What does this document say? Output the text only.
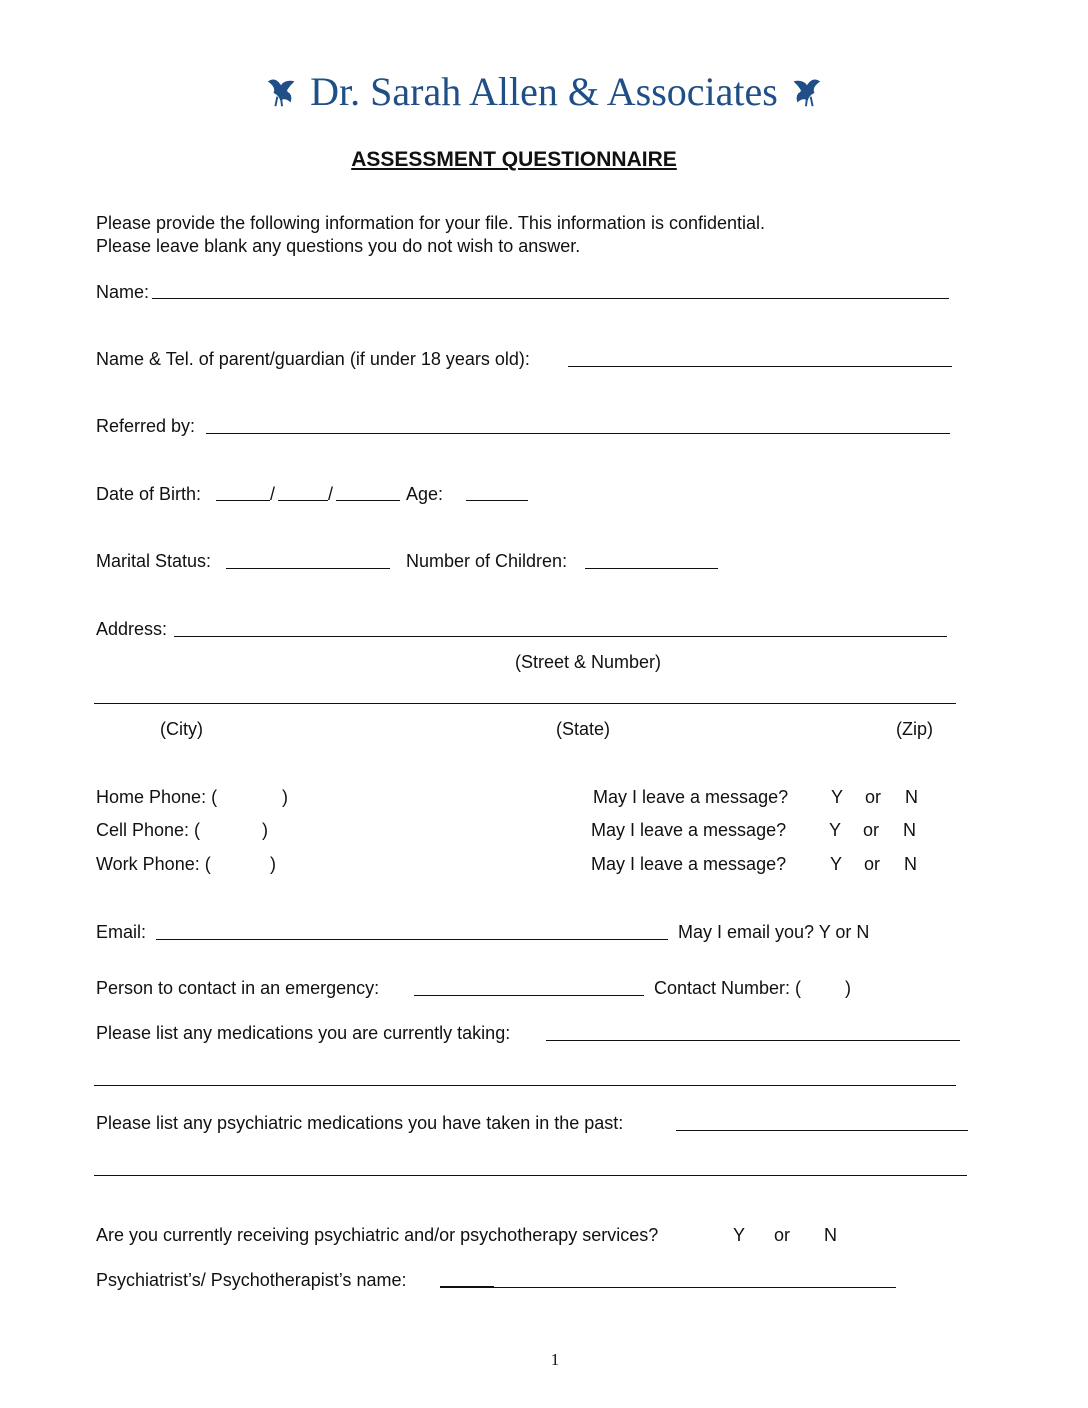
Dr. Sarah Allen & Associates
ASSESSMENT QUESTIONNAIRE
Please provide the following information for your file. This information is confidential.
Please leave blank any questions you do not wish to answer.
Name:
Name & Tel. of parent/guardian (if under 18 years old):
Referred by:
Date of Birth:	/	/	Age:
Marital Status:	Number of Children:
Address:
(Street & Number)
(City)	(State)	(Zip)
Home Phone: (	)	May I leave a message? Y or N
Cell Phone: (	)	May I leave a message? Y or N
Work Phone: (	)	May I leave a message? Y or N
Email:	May I email you? Y or N
Person to contact in an emergency:	Contact Number: ( )
Please list any medications you are currently taking:
Please list any psychiatric medications you have taken in the past:
Are you currently receiving psychiatric and/or psychotherapy services?	Y or N
Psychiatrist’s/ Psychotherapist’s name:
1
